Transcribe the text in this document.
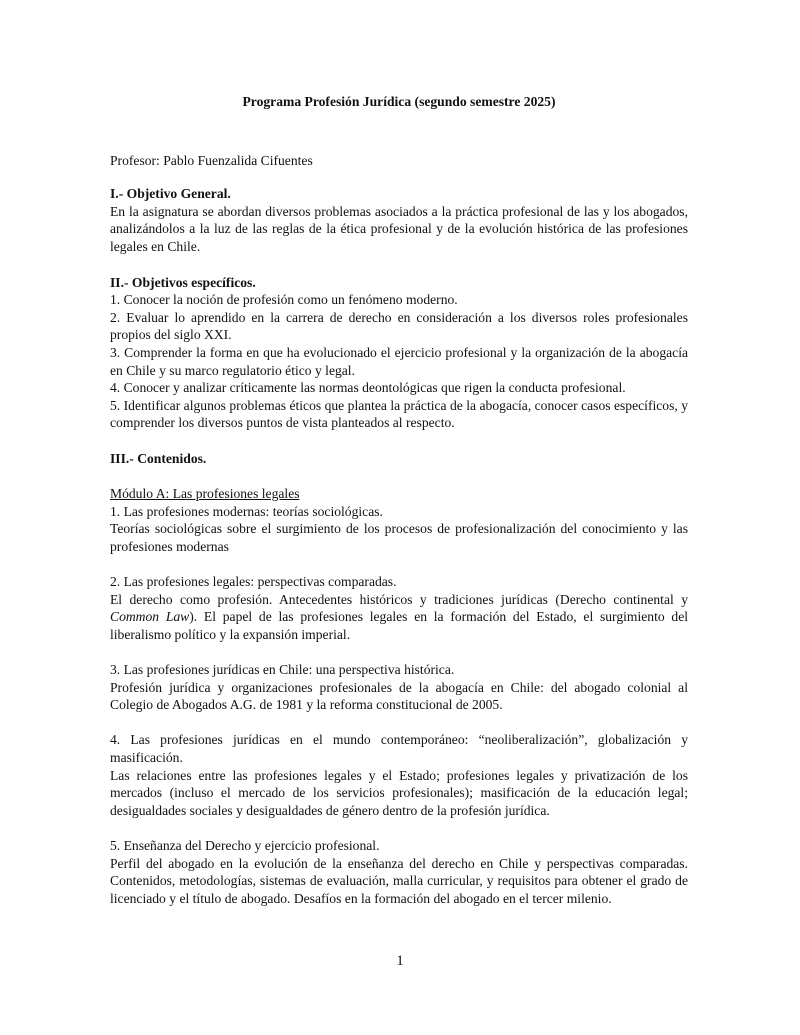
Programa Profesión Jurídica (segundo semestre 2025)

Profesor: Pablo Fuenzalida Cifuentes

I.- Objetivo General.

En la asignatura se abordan diversos problemas asociados a la práctica profesional de las y los abogados, analizándolos a la luz de las reglas de la ética profesional y de la evolución histórica de las profesiones legales en Chile.

II.- Objetivos específicos.

1. Conocer la noción de profesión como un fenómeno moderno.

2. Evaluar lo aprendido en la carrera de derecho en consideración a los diversos roles profesionales propios del siglo XXI.

3. Comprender la forma en que ha evolucionado el ejercicio profesional y la organización de la abogacía en Chile y su marco regulatorio ético y legal.

4. Conocer y analizar críticamente las normas deontológicas que rigen la conducta profesional.

5. Identificar algunos problemas éticos que plantea la práctica de la abogacía, conocer casos específicos, y comprender los diversos puntos de vista planteados al respecto.

III.- Contenidos.

Módulo A: Las profesiones legales

1. Las profesiones modernas: teorías sociológicas.

Teorías sociológicas sobre el surgimiento de los procesos de profesionalización del conocimiento y las profesiones modernas

2. Las profesiones legales: perspectivas comparadas.

El derecho como profesión. Antecedentes históricos y tradiciones jurídicas (Derecho continental y Common Law). El papel de las profesiones legales en la formación del Estado, el surgimiento del liberalismo político y la expansión imperial.

3. Las profesiones jurídicas en Chile: una perspectiva histórica.

Profesión jurídica y organizaciones profesionales de la abogacía en Chile: del abogado colonial al Colegio de Abogados A.G. de 1981 y la reforma constitucional de 2005.

4. Las profesiones jurídicas en el mundo contemporáneo: “neoliberalización”, globalización y masificación.

Las relaciones entre las profesiones legales y el Estado; profesiones legales y privatización de los mercados (incluso el mercado de los servicios profesionales); masificación de la educación legal; desigualdades sociales y desigualdades de género dentro de la profesión jurídica.

5. Enseñanza del Derecho y ejercicio profesional.

Perfil del abogado en la evolución de la enseñanza del derecho en Chile y perspectivas comparadas. Contenidos, metodologías, sistemas de evaluación, malla curricular, y requisitos para obtener el grado de licenciado y el título de abogado. Desafíos en la formación del abogado en el tercer milenio.

1
